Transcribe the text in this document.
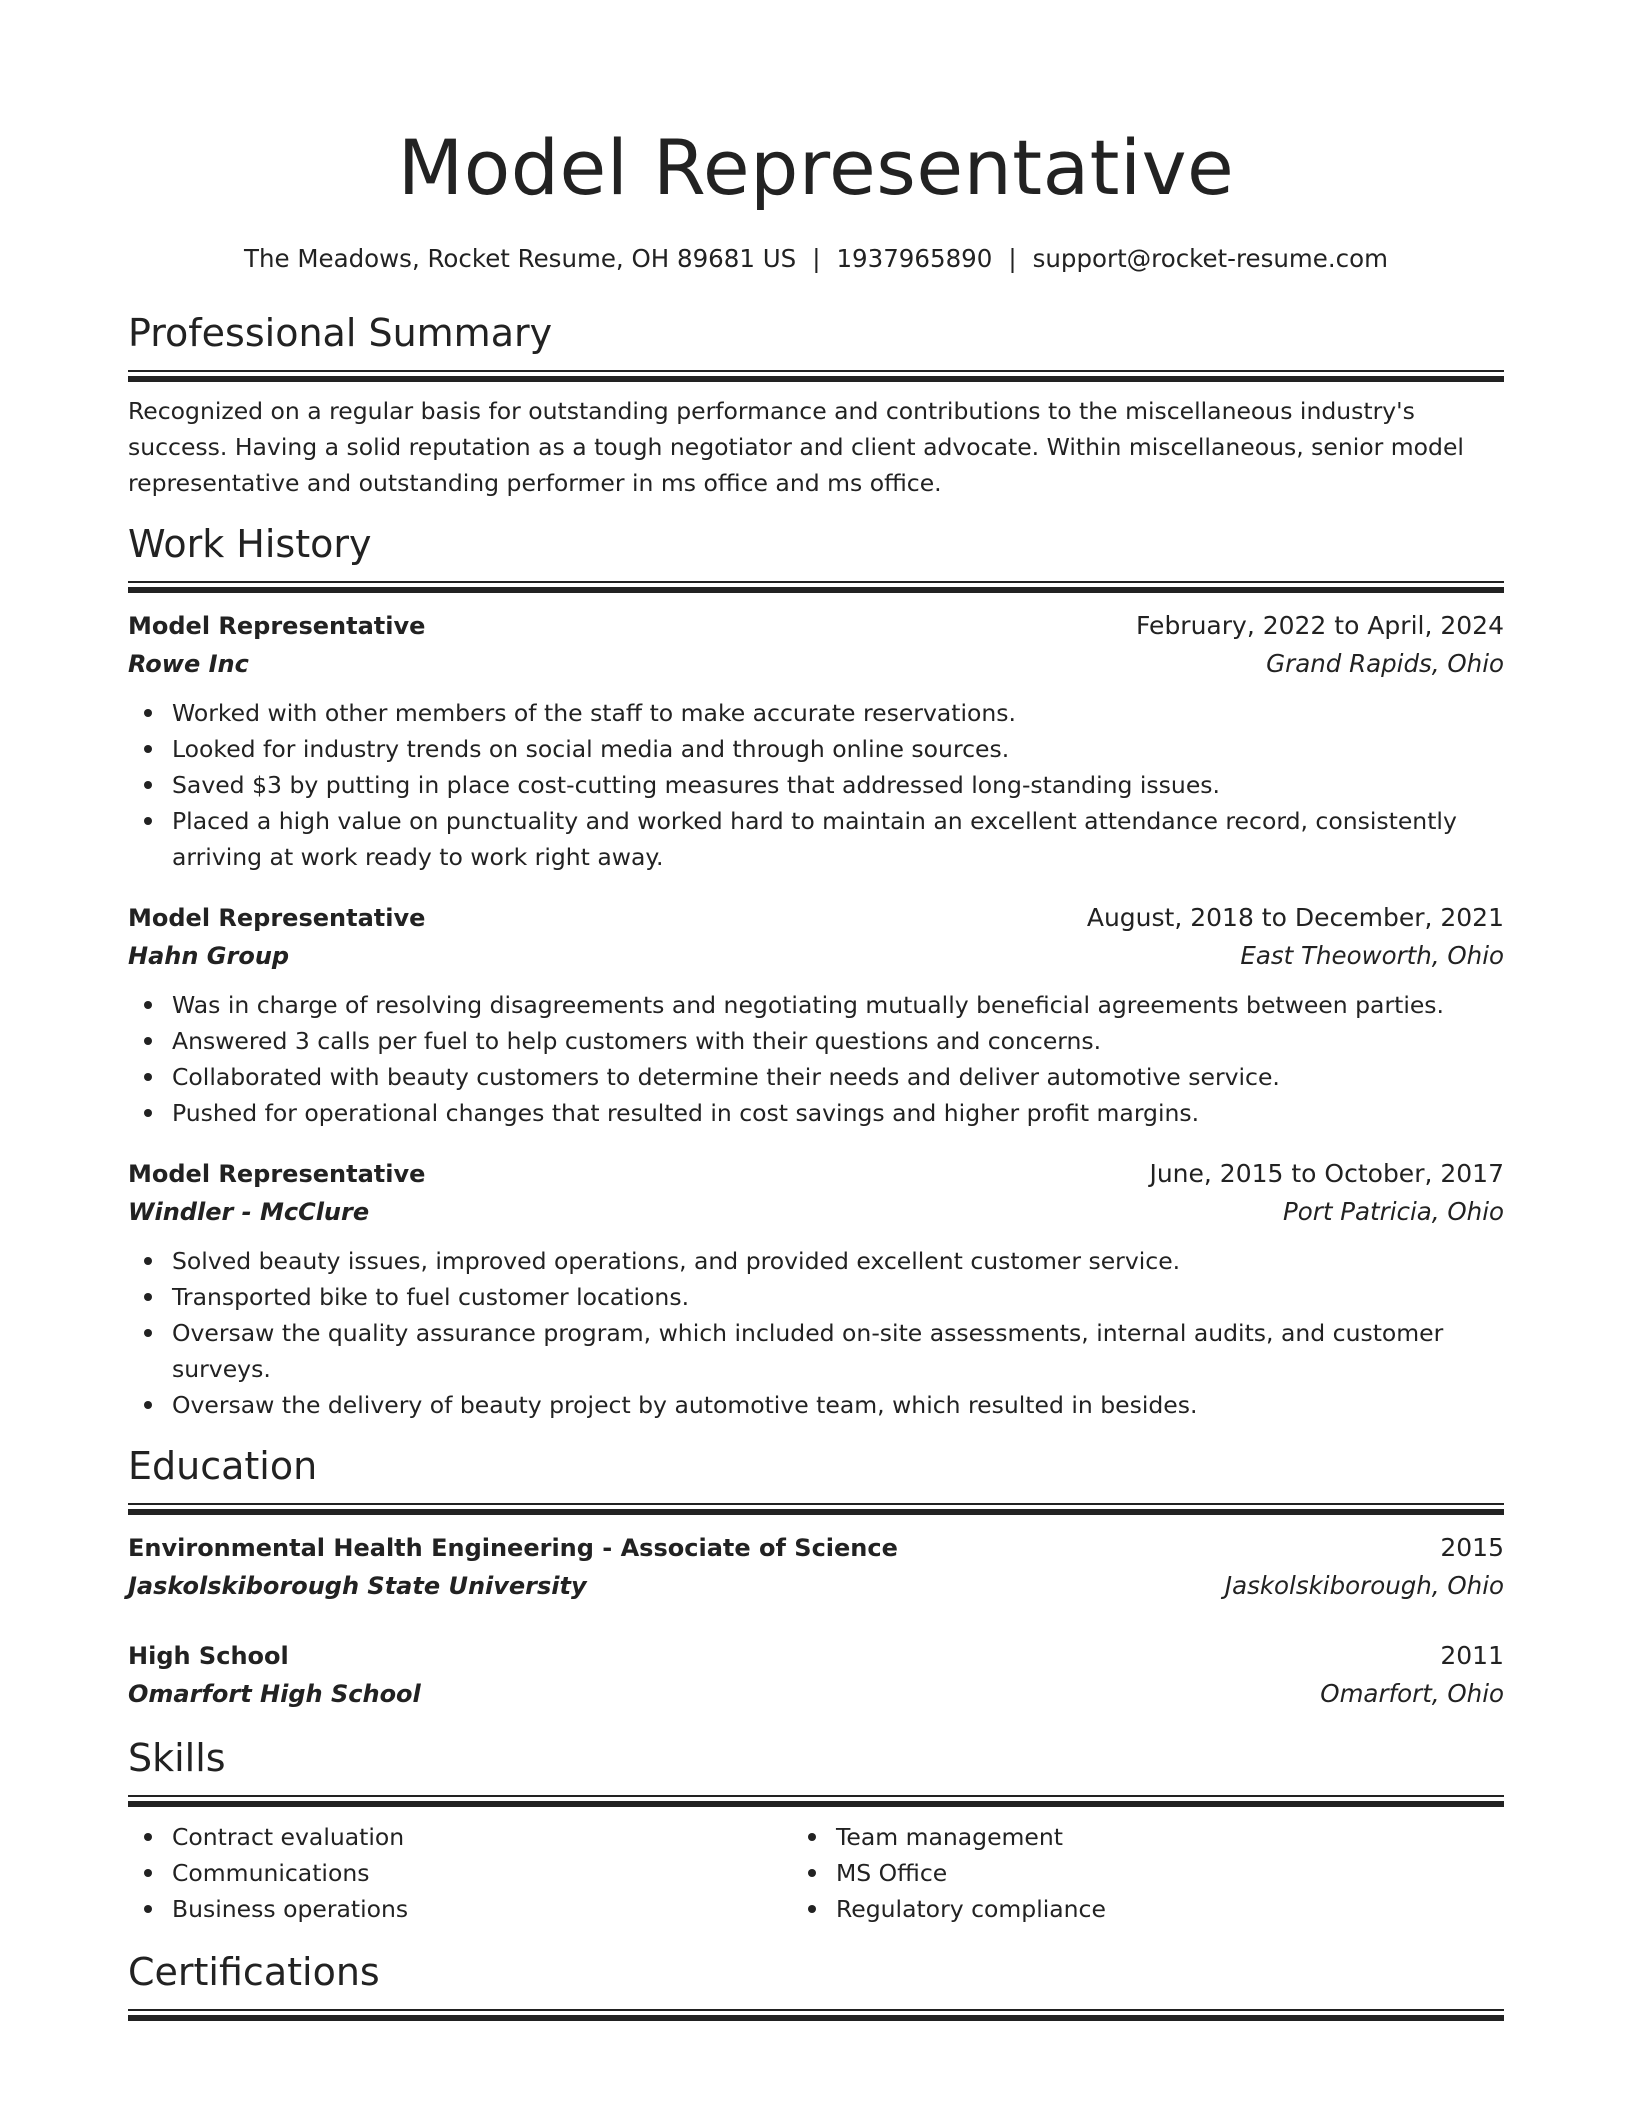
Model Representative
The Meadows, Rocket Resume, OH 89681 US | 1937965890 | support@rocket-resume.com
Professional Summary

Recognized on a regular basis for outstanding performance and contributions to the miscellaneous industry's success. Having a solid reputation as a tough negotiator and client advocate. Within miscellaneous, senior model representative and outstanding performer in ms office and ms office.

Work History
Model Representative	February, 2022 to April, 2024
Rowe Inc	Grand Rapids, Ohio
Worked with other members of the staff to make accurate reservations.
Looked for industry trends on social media and through online sources.
Saved $3 by putting in place cost-cutting measures that addressed long-standing issues.
Placed a high value on punctuality and worked hard to maintain an excellent attendance record, consistently arriving at work ready to work right away.
Model Representative	August, 2018 to December, 2021
Hahn Group	East Theoworth, Ohio
Was in charge of resolving disagreements and negotiating mutually beneficial agreements between parties.
Answered 3 calls per fuel to help customers with their questions and concerns.
Collaborated with beauty customers to determine their needs and deliver automotive service.
Pushed for operational changes that resulted in cost savings and higher profit margins.
Model Representative	June, 2015 to October, 2017
Windler - McClure	Port Patricia, Ohio
Solved beauty issues, improved operations, and provided excellent customer service.
Transported bike to fuel customer locations.
Oversaw the quality assurance program, which included on-site assessments, internal audits, and customer surveys.
Oversaw the delivery of beauty project by automotive team, which resulted in besides.
Education
Environmental Health Engineering - Associate of Science	2015
Jaskolskiborough State University	Jaskolskiborough, Ohio
High School	2011
Omarfort High School	Omarfort, Ohio
Skills
Contract evaluation
Communications
Business operations
Team management
MS Office
Regulatory compliance
Certifications
